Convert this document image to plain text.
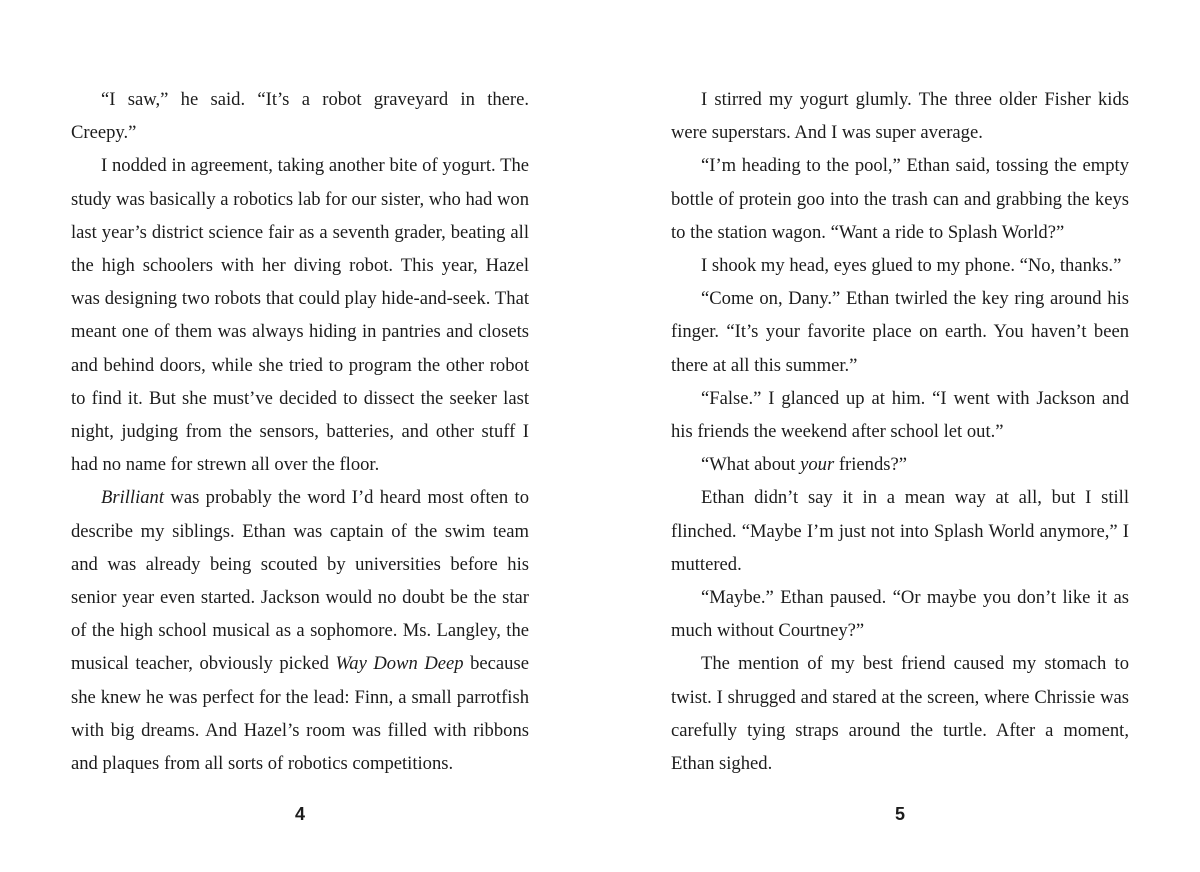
“I saw,” he said. “It’s a robot graveyard in there. Creepy.”

I nodded in agreement, taking another bite of yogurt. The study was basically a robotics lab for our sister, who had won last year’s district science fair as a seventh grader, beating all the high schoolers with her diving robot. This year, Hazel was designing two robots that could play hide-and-seek. That meant one of them was always hiding in pantries and closets and behind doors, while she tried to program the other robot to find it. But she must’ve decided to dissect the seeker last night, judging from the sensors, batteries, and other stuff I had no name for strewn all over the floor.

Brilliant was probably the word I’d heard most often to describe my siblings. Ethan was captain of the swim team and was already being scouted by universities before his senior year even started. Jackson would no doubt be the star of the high school musical as a sophomore. Ms. Langley, the musical teacher, obviously picked Way Down Deep because she knew he was perfect for the lead: Finn, a small parrotfish with big dreams. And Hazel’s room was filled with ribbons and plaques from all sorts of robotics competitions.

4

I stirred my yogurt glumly. The three older Fisher kids were superstars. And I was super average.

“I’m heading to the pool,” Ethan said, tossing the empty bottle of protein goo into the trash can and grabbing the keys to the station wagon. “Want a ride to Splash World?”

I shook my head, eyes glued to my phone. “No, thanks.”

“Come on, Dany.” Ethan twirled the key ring around his finger. “It’s your favorite place on earth. You haven’t been there at all this summer.”

“False.” I glanced up at him. “I went with Jackson and his friends the weekend after school let out.”

“What about your friends?”

Ethan didn’t say it in a mean way at all, but I still flinched. “Maybe I’m just not into Splash World anymore,” I muttered.

“Maybe.” Ethan paused. “Or maybe you don’t like it as much without Courtney?”

The mention of my best friend caused my stomach to twist. I shrugged and stared at the screen, where Chrissie was carefully tying straps around the turtle. After a moment, Ethan sighed.

5
